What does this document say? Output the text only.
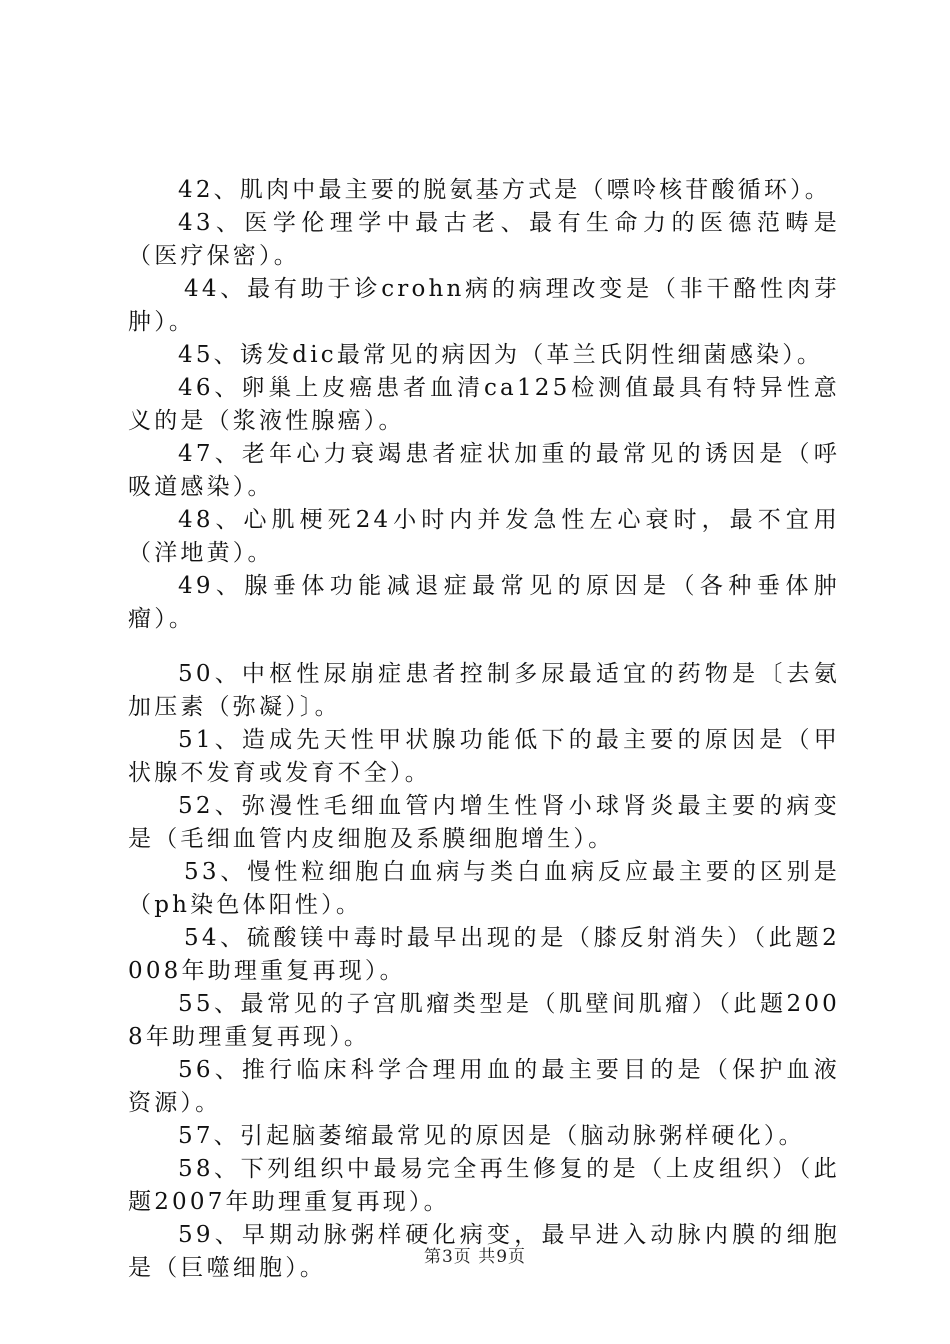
42、肌肉中最主要的脱氨基方式是（嘌呤核苷酸循环）。

43、医学伦理学中最古老、最有生命力的医德范畴是（医疗保密）。

44、最有助于诊crohn病的病理改变是（非干酪性肉芽肿）。

45、诱发dic最常见的病因为（革兰氏阴性细菌感染）。

46、卵巢上皮癌患者血清ca125检测值最具有特异性意义的是（浆液性腺癌）。

47、老年心力衰竭患者症状加重的最常见的诱因是（呼吸道感染）。

48、心肌梗死24小时内并发急性左心衰时，最不宜用（洋地黄）。

49、腺垂体功能减退症最常见的原因是（各种垂体肿瘤）。

50、中枢性尿崩症患者控制多尿最适宜的药物是〔去氨加压素（弥凝）〕。

51、造成先天性甲状腺功能低下的最主要的原因是（甲状腺不发育或发育不全）。

52、弥漫性毛细血管内增生性肾小球肾炎最主要的病变是（毛细血管内皮细胞及系膜细胞增生）。

53、慢性粒细胞白血病与类白血病反应最主要的区别是（ph染色体阳性）。

54、硫酸镁中毒时最早出现的是（膝反射消失）（此题2008年助理重复再现）。

55、最常见的子宫肌瘤类型是（肌壁间肌瘤）（此题2008年助理重复再现）。

56、推行临床科学合理用血的最主要目的是（保护血液资源）。

57、引起脑萎缩最常见的原因是（脑动脉粥样硬化）。

58、下列组织中最易完全再生修复的是（上皮组织）（此题2007年助理重复再现）。

59、早期动脉粥样硬化病变，最早进入动脉内膜的细胞是（巨噬细胞）。	第3页 共9页
